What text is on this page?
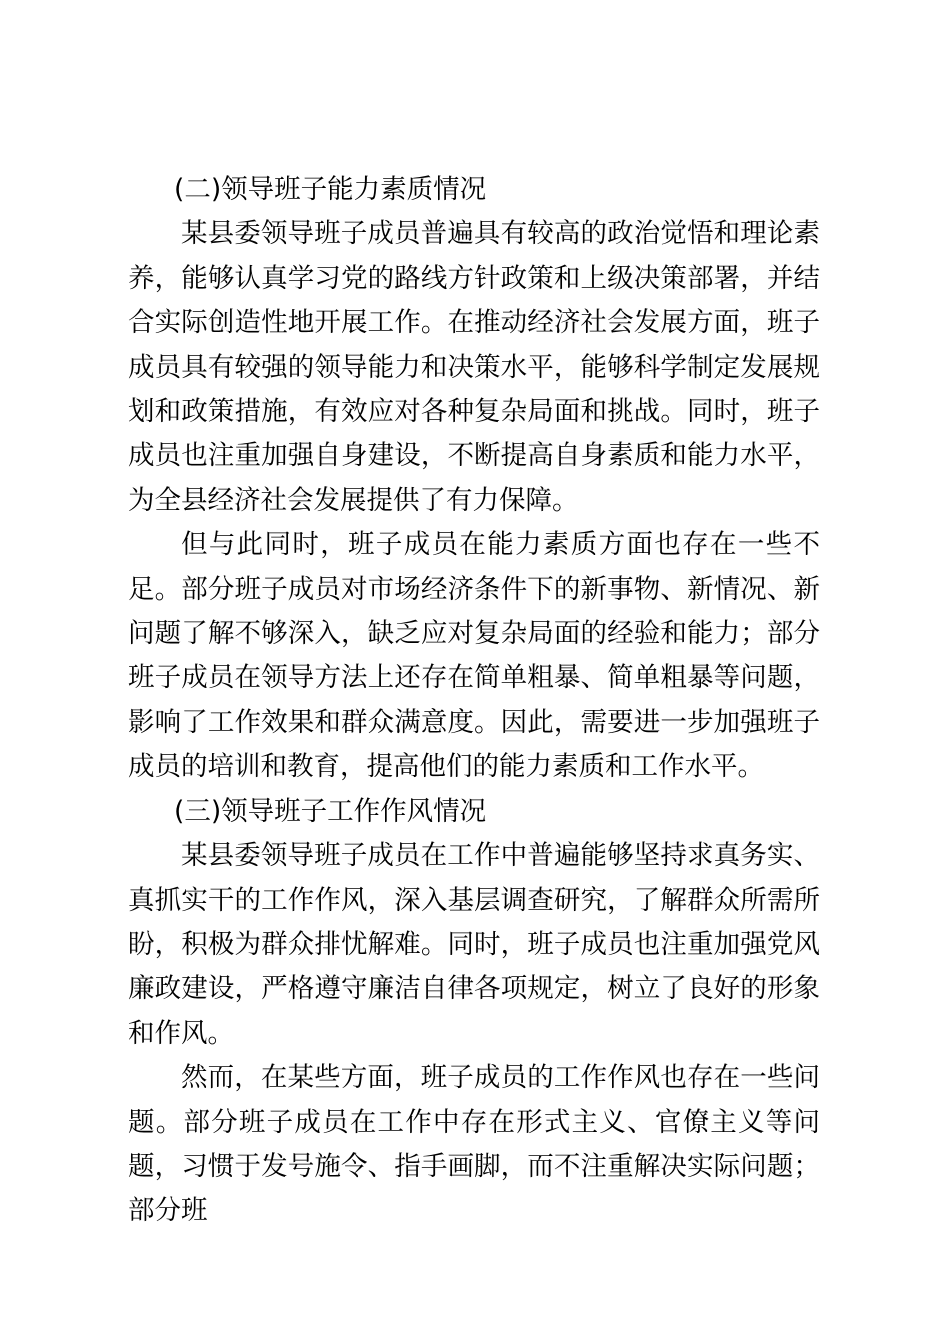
(二)领导班子能力素质情况

某县委领导班子成员普遍具有较高的政治觉悟和理论素养，能够认真学习党的路线方针政策和上级决策部署，并结合实际创造性地开展工作。在推动经济社会发展方面，班子成员具有较强的领导能力和决策水平，能够科学制定发展规划和政策措施，有效应对各种复杂局面和挑战。同时，班子成员也注重加强自身建设，不断提高自身素质和能力水平，为全县经济社会发展提供了有力保障。

但与此同时，班子成员在能力素质方面也存在一些不足。部分班子成员对市场经济条件下的新事物、新情况、新问题了解不够深入，缺乏应对复杂局面的经验和能力；部分班子成员在领导方法上还存在简单粗暴、简单粗暴等问题，影响了工作效果和群众满意度。因此，需要进一步加强班子成员的培训和教育，提高他们的能力素质和工作水平。

(三)领导班子工作作风情况

某县委领导班子成员在工作中普遍能够坚持求真务实、真抓实干的工作作风，深入基层调查研究，了解群众所需所盼，积极为群众排忧解难。同时，班子成员也注重加强党风廉政建设，严格遵守廉洁自律各项规定，树立了良好的形象和作风。

然而，在某些方面，班子成员的工作作风也存在一些问题。部分班子成员在工作中存在形式主义、官僚主义等问题，习惯于发号施令、指手画脚，而不注重解决实际问题；部分班
